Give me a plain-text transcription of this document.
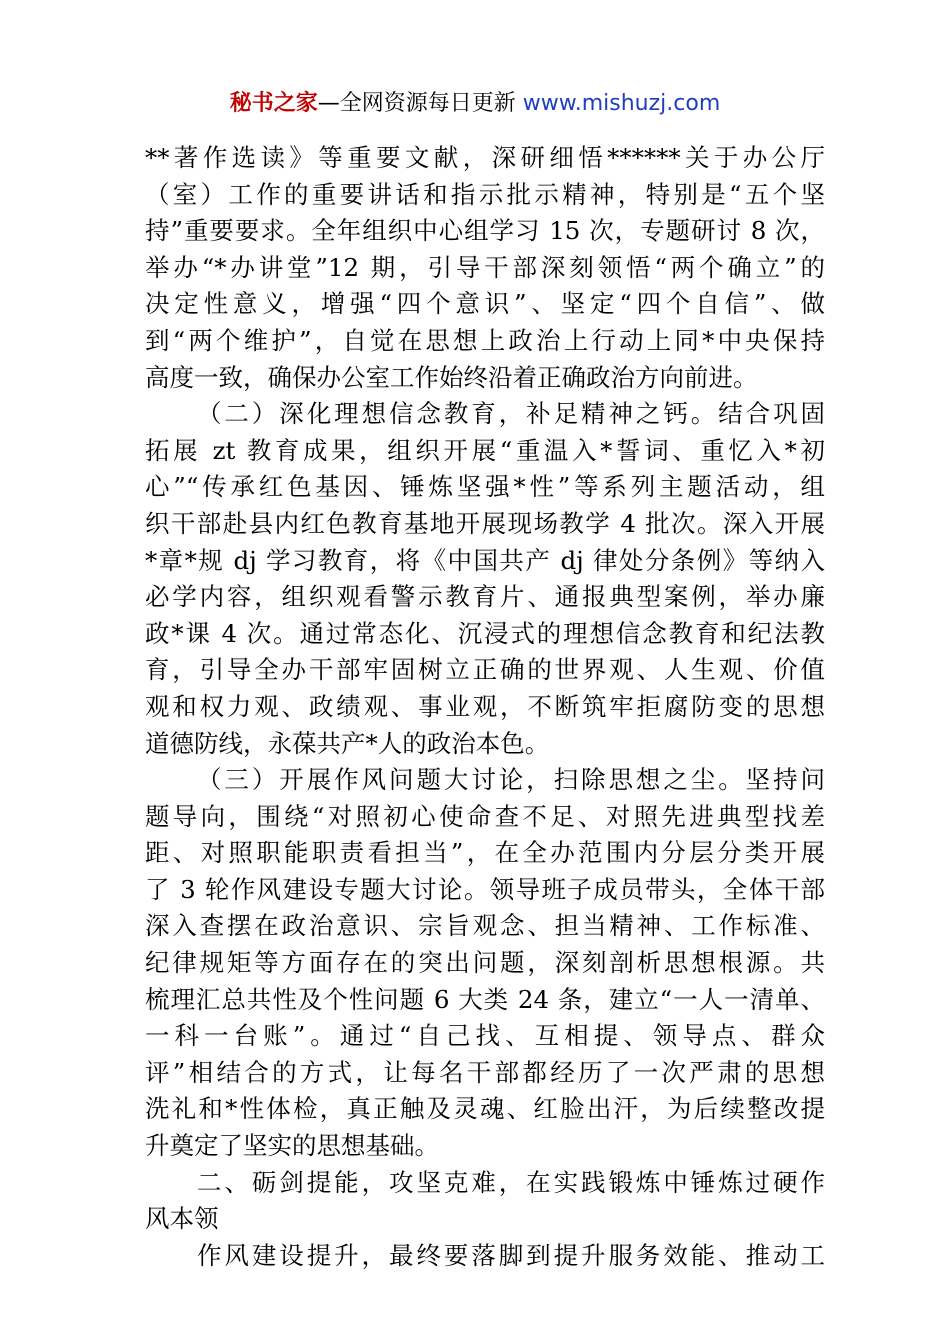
秘书之家—全网资源每日更新 www.mishuzj.com
**著作选读》等重要文献，深研细悟******关于办公厅
（室）工作的重要讲话和指示批示精神，特别是“五个坚
持”重要要求。全年组织中心组学习 15 次，专题研讨 8 次，
举办“*办讲堂”12 期，引导干部深刻领悟“两个确立”的
决定性意义，增强“四个意识”、坚定“四个自信”、做
到“两个维护”，自觉在思想上政治上行动上同*中央保持
高度一致，确保办公室工作始终沿着正确政治方向前进。
（二）深化理想信念教育，补足精神之钙。结合巩固
拓展 zt 教育成果，组织开展“重温入*誓词、重忆入*初
心”“传承红色基因、锤炼坚强*性”等系列主题活动，组
织干部赴县内红色教育基地开展现场教学 4 批次。深入开展
*章*规 dj 学习教育，将《中国共产 dj 律处分条例》等纳入
必学内容，组织观看警示教育片、通报典型案例，举办廉
政*课 4 次。通过常态化、沉浸式的理想信念教育和纪法教
育，引导全办干部牢固树立正确的世界观、人生观、价值
观和权力观、政绩观、事业观，不断筑牢拒腐防变的思想
道德防线，永葆共产*人的政治本色。
（三）开展作风问题大讨论，扫除思想之尘。坚持问
题导向，围绕“对照初心使命查不足、对照先进典型找差
距、对照职能职责看担当”，在全办范围内分层分类开展
了 3 轮作风建设专题大讨论。领导班子成员带头，全体干部
深入查摆在政治意识、宗旨观念、担当精神、工作标准、
纪律规矩等方面存在的突出问题，深刻剖析思想根源。共
梳理汇总共性及个性问题 6 大类 24 条，建立“一人一清单、
一科一台账”。通过“自己找、互相提、领导点、群众
评”相结合的方式，让每名干部都经历了一次严肃的思想
洗礼和*性体检，真正触及灵魂、红脸出汗，为后续整改提
升奠定了坚实的思想基础。
二、砺剑提能，攻坚克难，在实践锻炼中锤炼过硬作
风本领
作风建设提升，最终要落脚到提升服务效能、推动工
